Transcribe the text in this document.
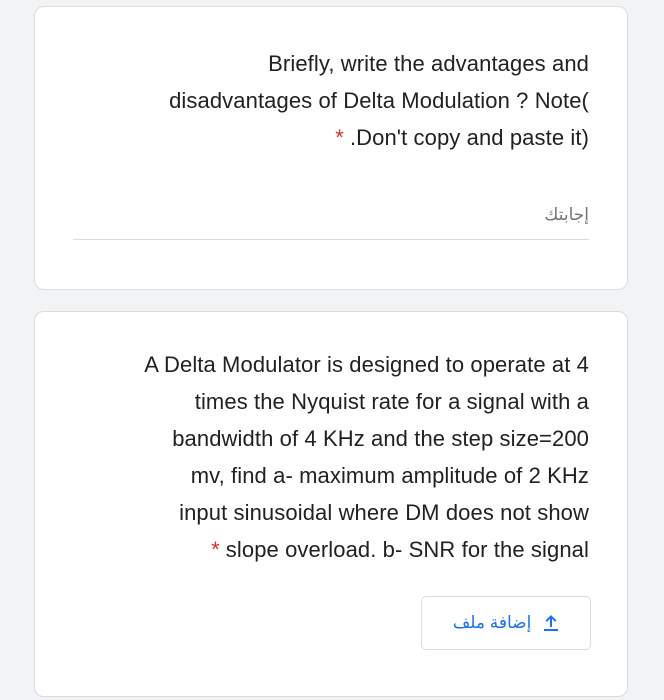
Briefly, write the advantages and
disadvantages of Delta Modulation ? Note(
* .Don't copy and paste it)
إجابتك
A Delta Modulator is designed to operate at 4
times the Nyquist rate for a signal with a
bandwidth of 4 KHz and the step size=200
mv, find a- maximum amplitude of 2 KHz
input sinusoidal where DM does not show
* slope overload. b- SNR for the signal
إضافة ملف
